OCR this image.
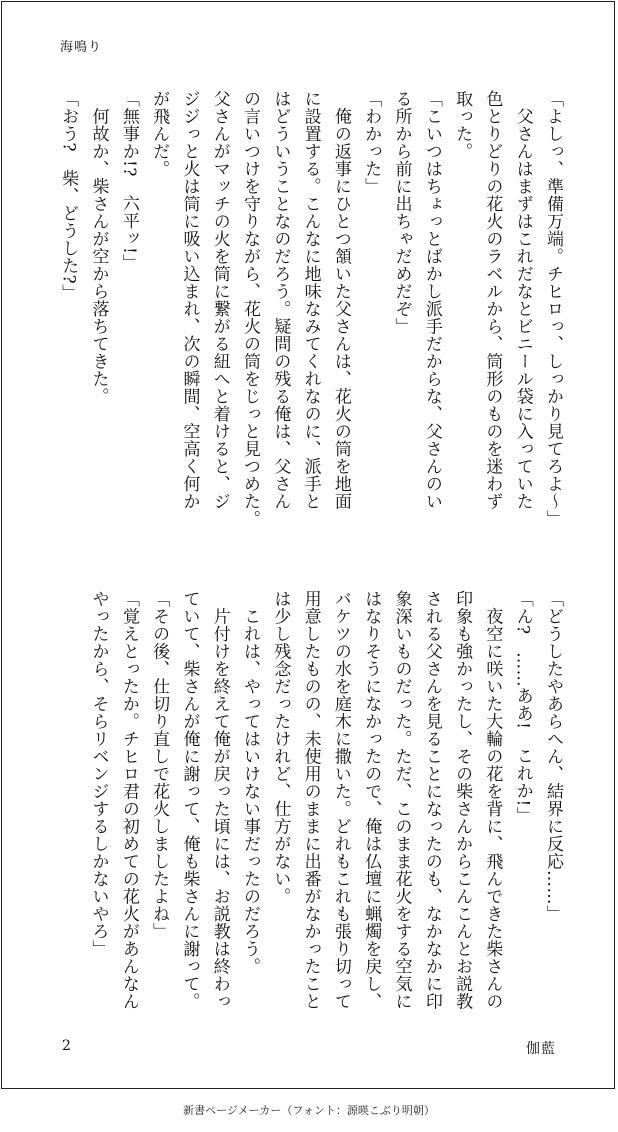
海鳴り

「よしっ、準備万端。チヒロっ、しっかり見てろよ〜」

　父さんはまずはこれだなとビニール袋に入っていた

色とりどりの花火のラベルから、筒形のものを迷わず

取った。

「こいつはちょっとばかし派手だからな、父さんのい

る所から前に出ちゃだめだぞ」

「わかった」

　俺の返事にひとつ頷いた父さんは、花火の筒を地面

に設置する。こんなに地味なみてくれなのに、派手と

はどういうことなのだろう。疑問の残る俺は、父さん

の言いつけを守りながら、花火の筒をじっと見つめた。

父さんがマッチの火を筒に繋がる紐へと着けると、ジ

ジジっと火は筒に吸い込まれ、次の瞬間、空高く何か

が飛んだ。

「無事か!?　六平ッ!」

　何故か、柴さんが空から落ちてきた。

「おう?　柴、どうした?」

「どうしたやあらへん、結界に反応……」

「ん?　……ああ!　これか!」

　夜空に咲いた大輪の花を背に、飛んできた柴さんの

印象も強かったし、その柴さんからこんこんとお説教

される父さんを見ることになったのも、なかなかに印

象深いものだった。ただ、このまま花火をする空気に

はなりそうになかったので、俺は仏壇に蝋燭を戻し、

バケツの水を庭木に撒いた。どれもこれも張り切って

用意したものの、未使用のままに出番がなかったこと

は少し残念だったけれど、仕方がない。

　これは、やってはいけない事だったのだろう。

　片付けを終えて俺が戻った頃には、お説教は終わっ

ていて、柴さんが俺に謝って、俺も柴さんに謝って。

「その後、仕切り直しで花火しましたよね」

「覚えとったか。チヒロ君の初めての花火があんなん

やったから、そらリベンジするしかないやろ」

2	伽藍
新書ページメーカー（フォント：源暎こぶり明朝）
